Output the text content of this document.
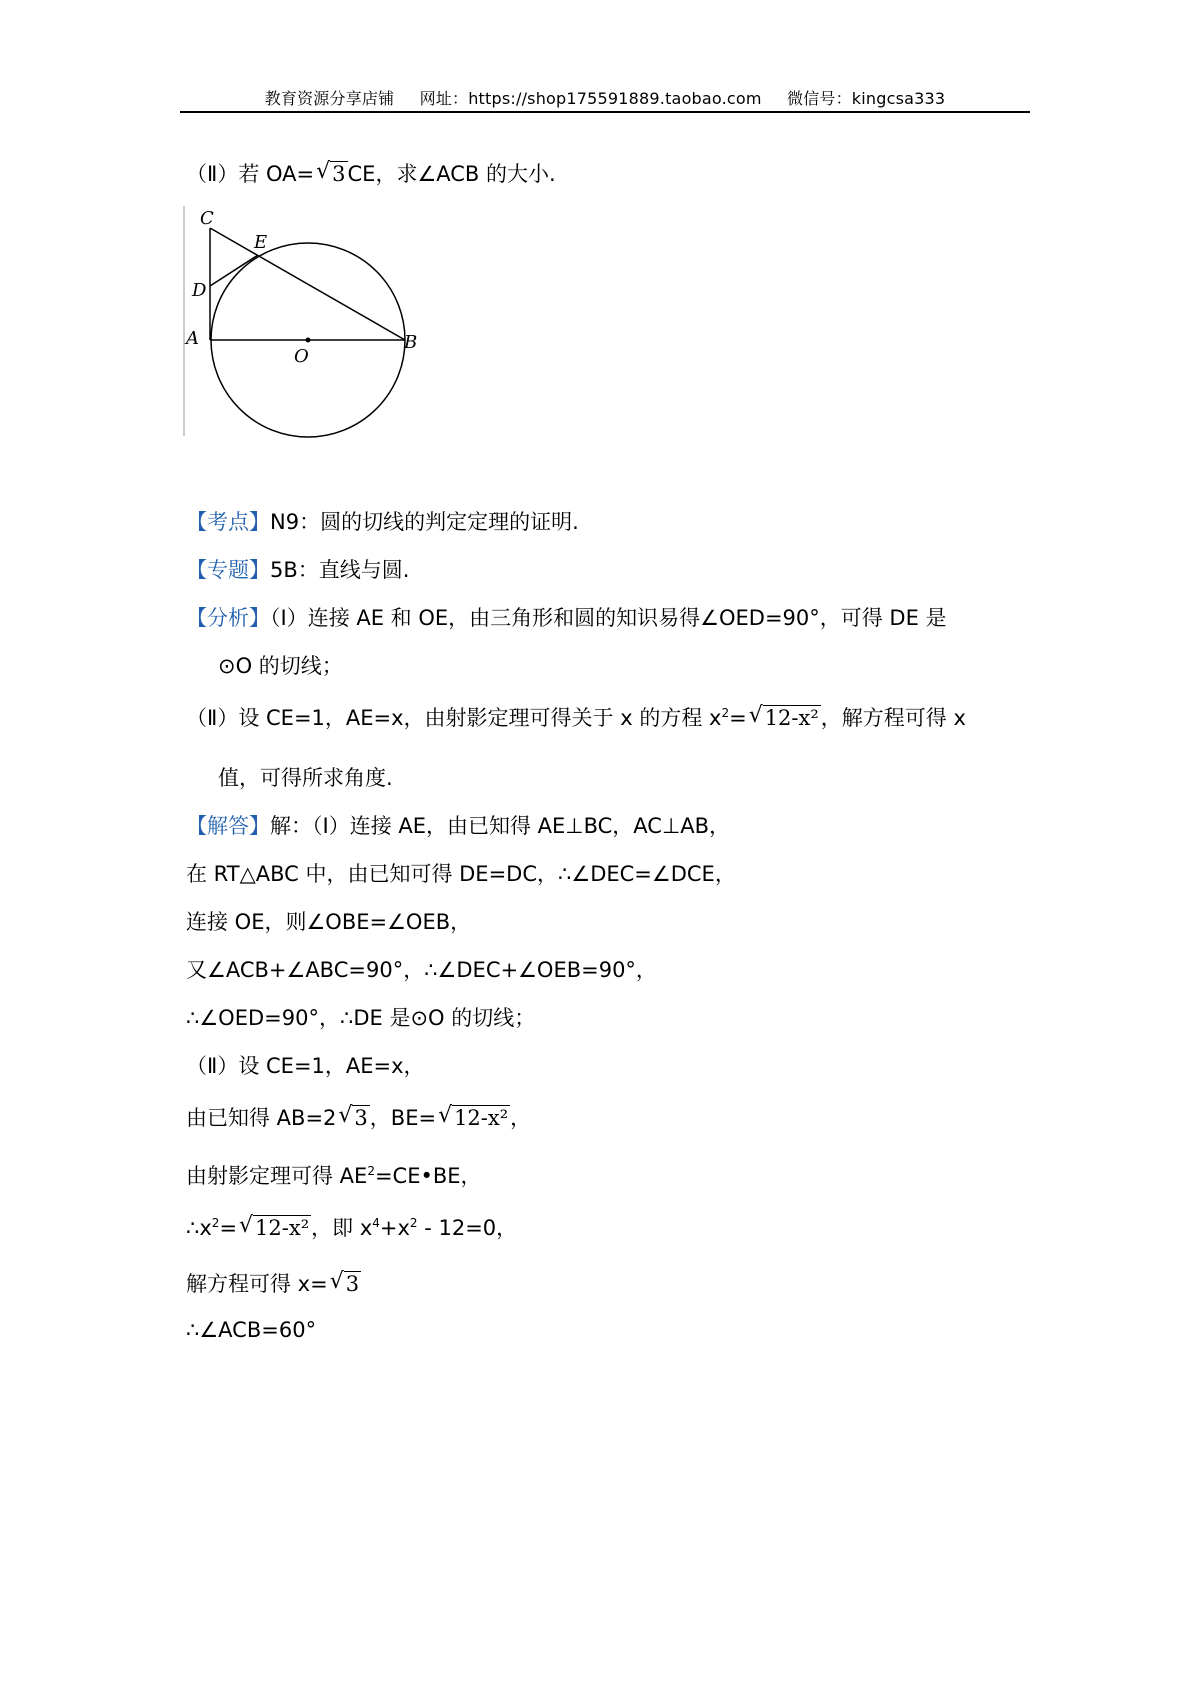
教育资源分享店铺 网址：https://shop175591889.taobao.com 微信号：kingcsa333
（Ⅱ）若 OA=√ 3CE，求∠ACB 的大小.
C
E
D
A
O
B
【考点】N9：圆的切线的判定定理的证明.
【专题】5B：直线与圆.
【分析】（Ⅰ）连接 AE 和 OE，由三角形和圆的知识易得∠OED=90°，可得 DE 是
⊙O 的切线；
（Ⅱ）设 CE=1，AE=x，由射影定理可得关于 x 的方程 $x^2=√$ 12-x²，解方程可得 x
值，可得所求角度.
【解答】解：（Ⅰ）连接 AE，由已知得 AE⊥BC，AC⊥AB，
在 RT△ABC 中，由已知可得 DE=DC，∴∠DEC=∠DCE，
连接 OE，则∠OBE=∠OEB，
又∠ACB+∠ABC=90°，∴∠DEC+∠OEB=90°，
∴∠OED=90°，∴DE 是⊙O 的切线；
（Ⅱ）设 CE=1，AE=x，
由已知得 AB=2√ 3，BE=√ 12-x²，
由射影定理可得 $AE^2=CE•BE$，
$\therefore x^2=√$ 12-x²，即 $x^4+x^2 - 12=0$，
解方程可得 x=√ 3
∴∠ACB=60°
